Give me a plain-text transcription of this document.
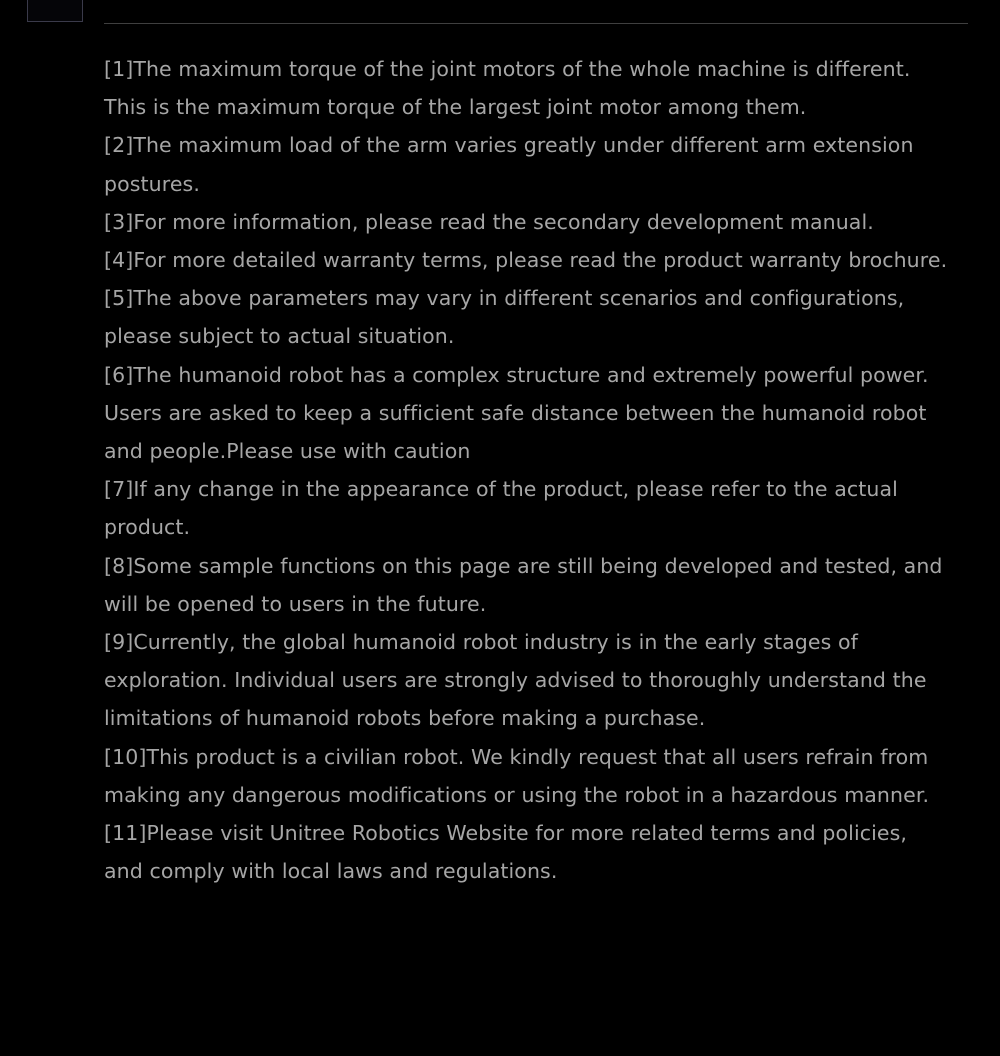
[1]The maximum torque of the joint motors of the whole machine is different. This is the maximum torque of the largest joint motor among them.
[2]The maximum load of the arm varies greatly under different arm extension postures.
[3]For more information, please read the secondary development manual.
[4]For more detailed warranty terms, please read the product warranty brochure.
[5]The above parameters may vary in different scenarios and configurations, please subject to actual situation.
[6]The humanoid robot has a complex structure and extremely powerful power. Users are asked to keep a sufficient safe distance between the humanoid robot and people.Please use with caution
[7]If any change in the appearance of the product, please refer to the actual product.
[8]Some sample functions on this page are still being developed and tested, and will be opened to users in the future.
[9]Currently, the global humanoid robot industry is in the early stages of exploration. Individual users are strongly advised to thoroughly understand the limitations of humanoid robots before making a purchase.
[10]This product is a civilian robot. We kindly request that all users refrain from making any dangerous modifications or using the robot in a hazardous manner.
[11]Please visit Unitree Robotics Website for more related terms and policies, and comply with local laws and regulations.
